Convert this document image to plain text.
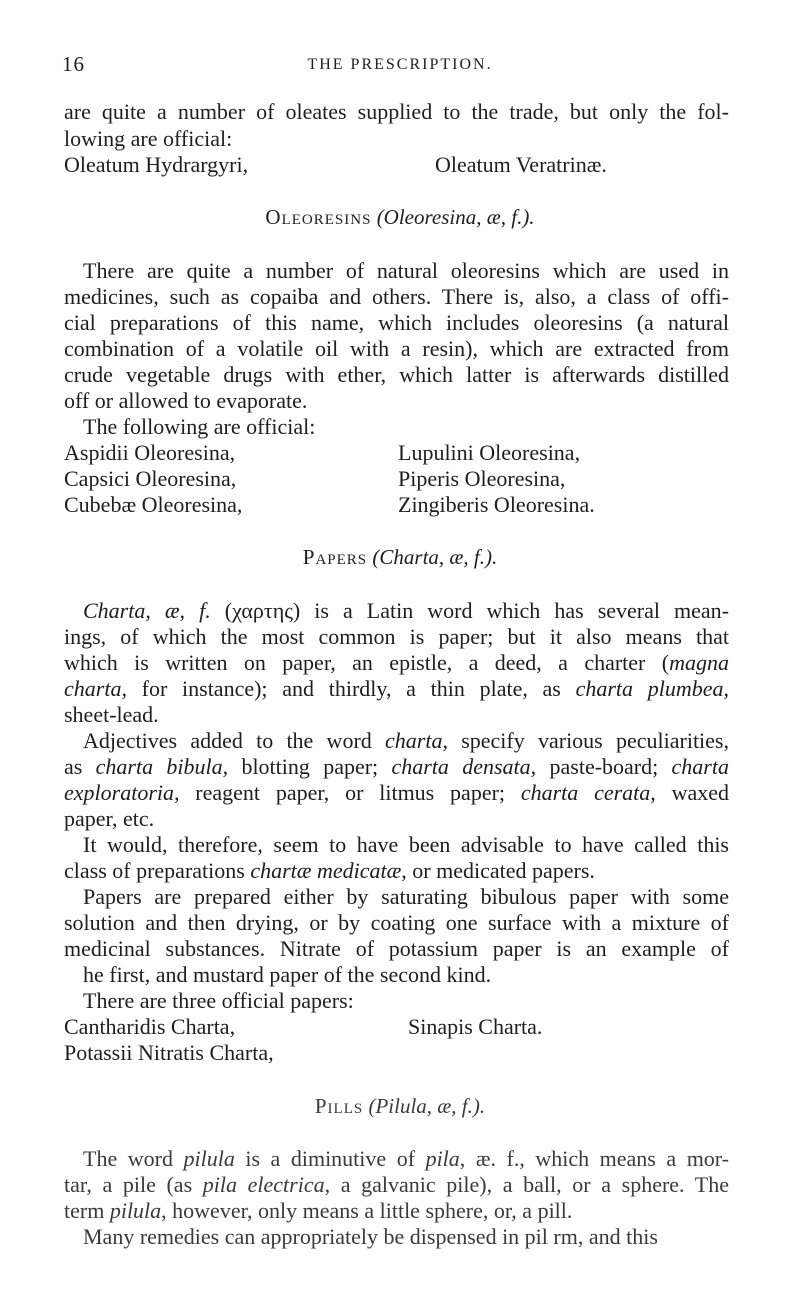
16	THE PRESCRIPTION.
are quite a number of oleates supplied to the trade, but only the fol-
lowing are official:
Oleatum Hydrargyri,	Oleatum Veratrinæ.
Oleoresins (Oleoresina, æ, f.).
There are quite a number of natural oleoresins which are used in
medicines, such as copaiba and others. There is, also, a class of offi-
cial preparations of this name, which includes oleoresins (a natural
combination of a volatile oil with a resin), which are extracted from
crude vegetable drugs with ether, which latter is afterwards distilled
off or allowed to evaporate.
The following are official:
Aspidii Oleoresina,
Capsici Oleoresina,
Cubebæ Oleoresina,
Lupulini Oleoresina,
Piperis Oleoresina,
Zingiberis Oleoresina.
Papers (Charta, æ, f.).
Charta, æ, f. (χαρτης) is a Latin word which has several mean-
ings, of which the most common is paper; but it also means that
which is written on paper, an epistle, a deed, a charter (magna
charta, for instance); and thirdly, a thin plate, as charta plumbea,
sheet-lead.
Adjectives added to the word charta, specify various peculiarities,
as charta bibula, blotting paper; charta densata, paste-board; charta
exploratoria, reagent paper, or litmus paper; charta cerata, waxed
paper, etc.
It would, therefore, seem to have been advisable to have called this
class of preparations chartæ medicatæ, or medicated papers.
Papers are prepared either by saturating bibulous paper with some
solution and then drying, or by coating one surface with a mixture of
medicinal substances. Nitrate of potassium paper is an example of
he first, and mustard paper of the second kind.
There are three official papers:
Cantharidis Charta,
Potassii Nitratis Charta,
Sinapis Charta.
Pills (Pilula, æ, f.).
The word pilula is a diminutive of pila, æ. f., which means a mor-
tar, a pile (as pila electrica, a galvanic pile), a ball, or a sphere. The
term pilula, however, only means a little sphere, or, a pill.
Many remedies can appropriately be dispensed in pil rm, and this
